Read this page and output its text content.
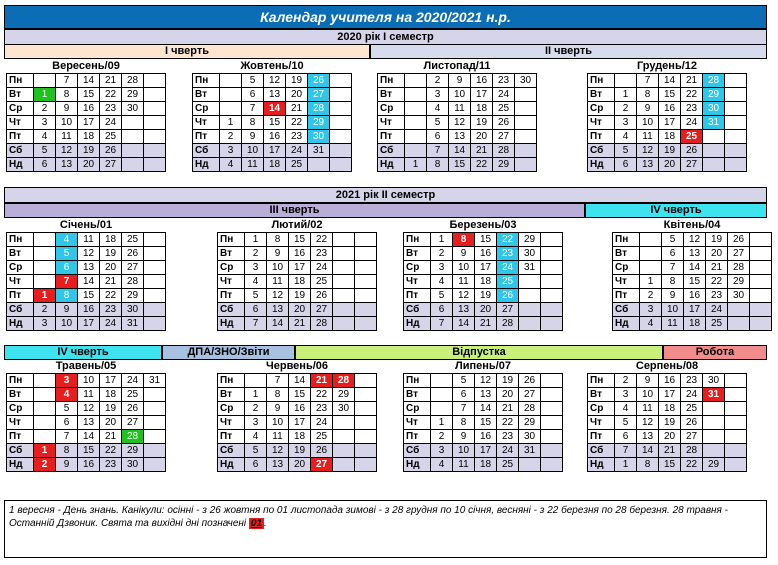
Календар учителя на 2020/2021 н.р.
2020 рік І семестр
І чверть	ІІ чверть
2021 рік ІІ семестр
ІІІ чверть	ІV чверть
ІV чверть	ДПА/ЗНО/Звіти	Відпустка	Робота
Вересень/09
Пн		7	14	21	28	
Вт	1	8	15	22	29	
Ср	2	9	16	23	30	
Чт	3	10	17	24		
Пт	4	11	18	25		
Сб	5	12	19	26		
Нд	6	13	20	27		
Жовтень/10
Пн		5	12	19	26	
Вт		6	13	20	27	
Ср		7	14	21	28	
Чт	1	8	15	22	29	
Пт	2	9	16	23	30	
Сб	3	10	17	24	31	
Нд	4	11	18	25		
Листопад/11
Пн		2	9	16	23	30
Вт		3	10	17	24	
Ср		4	11	18	25	
Чт		5	12	19	26	
Пт		6	13	20	27	
Сб		7	14	21	28	
Нд	1	8	15	22	29	
Грудень/12
Пн		7	14	21	28	
Вт	1	8	15	22	29	
Ср	2	9	16	23	30	
Чт	3	10	17	24	31	
Пт	4	11	18	25		
Сб	5	12	19	26		
Нд	6	13	20	27		
Січень/01
Пн		4	11	18	25	
Вт		5	12	19	26	
Ср		6	13	20	27	
Чт		7	14	21	28	
Пт	1	8	15	22	29	
Сб	2	9	16	23	30	
Нд	3	10	17	24	31	
Лютий/02
Пн	1	8	15	22		
Вт	2	9	16	23		
Ср	3	10	17	24		
Чт	4	11	18	25		
Пт	5	12	19	26		
Сб	6	13	20	27		
Нд	7	14	21	28		
Березень/03
Пн	1	8	15	22	29	
Вт	2	9	16	23	30	
Ср	3	10	17	24	31	
Чт	4	11	18	25		
Пт	5	12	19	26		
Сб	6	13	20	27		
Нд	7	14	21	28		
Квітень/04
Пн		5	12	19	26	
Вт		6	13	20	27	
Ср		7	14	21	28	
Чт	1	8	15	22	29	
Пт	2	9	16	23	30	
Сб	3	10	17	24		
Нд	4	11	18	25		
Травень/05
Пн		3	10	17	24	31
Вт		4	11	18	25	
Ср		5	12	19	26	
Чт		6	13	20	27	
Пт		7	14	21	28	
Сб	1	8	15	22	29	
Нд	2	9	16	23	30	
Червень/06
Пн		7	14	21	28	
Вт	1	8	15	22	29	
Ср	2	9	16	23	30	
Чт	3	10	17	24		
Пт	4	11	18	25		
Сб	5	12	19	26		
Нд	6	13	20	27		
Липень/07
Пн		5	12	19	26	
Вт		6	13	20	27	
Ср		7	14	21	28	
Чт	1	8	15	22	29	
Пт	2	9	16	23	30	
Сб	3	10	17	24	31	
Нд	4	11	18	25		
Серпень/08
Пн	2	9	16	23	30	
Вт	3	10	17	24	31	
Ср	4	11	18	25		
Чт	5	12	19	26		
Пт	6	13	20	27		
Сб	7	14	21	28		
Нд	1	8	15	22	29	
1 вересня - День знань. Канікули: осінні - з 26 жовтня по 01 листопада зимові - з 28 грудня по 10 січня, весняні - з 22 березня по 28 березня. 28 травня - Останній Дзвоник. Свята та вихідні дні позначені 01 .
